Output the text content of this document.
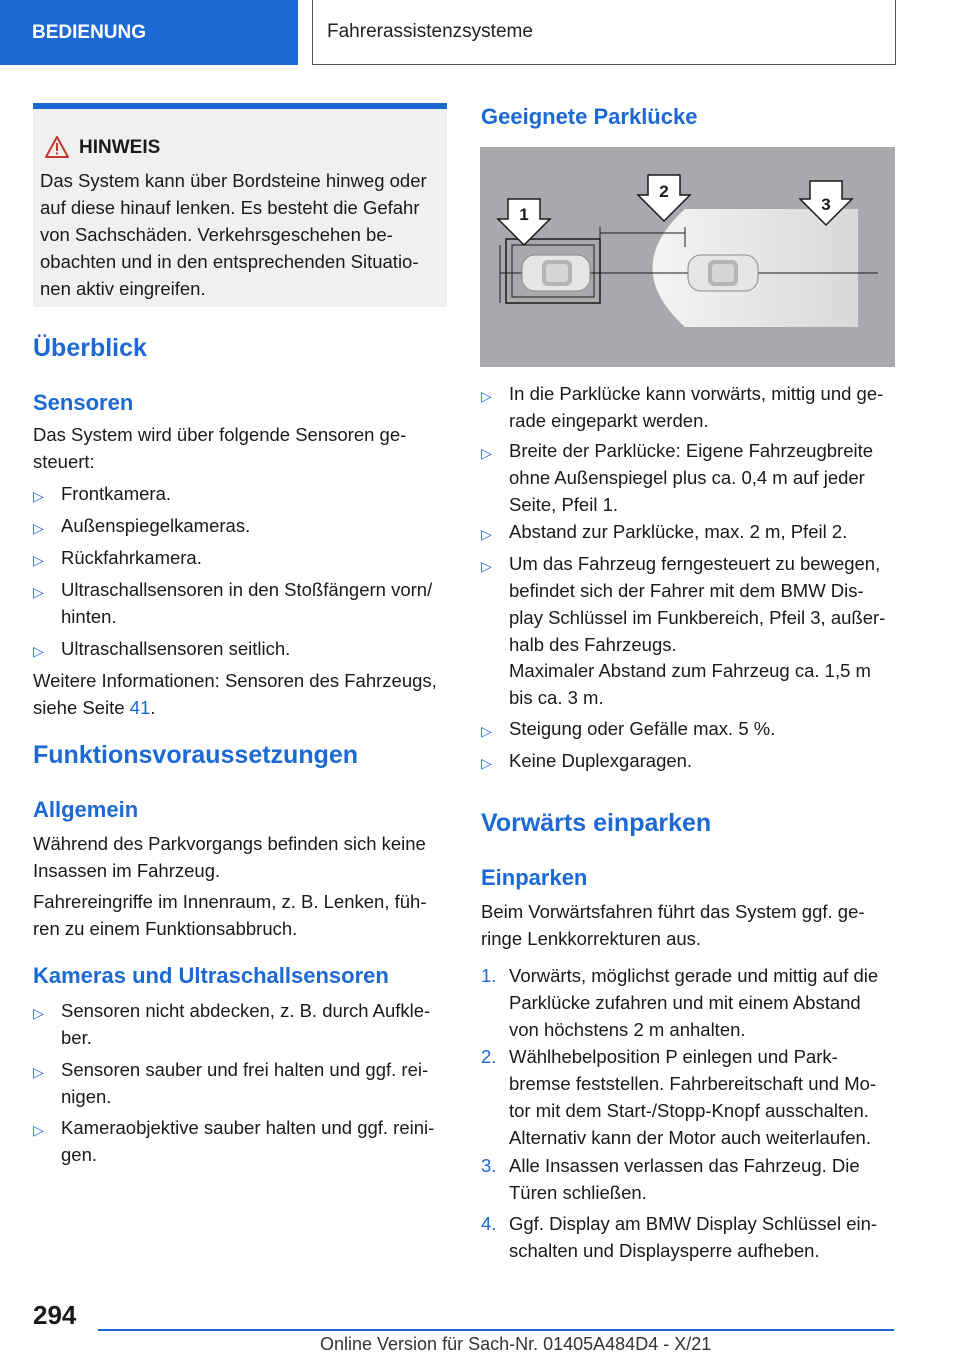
BEDIENUNG	Fahrerassistenzsysteme
HINWEIS
Das System kann über Bordsteine hinweg oder
auf diese hinauf lenken. Es besteht die Gefahr
von Sachschäden. Verkehrsgeschehen be-
obachten und in den entsprechenden Situatio-
nen aktiv eingreifen.
Überblick
Sensoren
Das System wird über folgende Sensoren ge-
steuert:
▷ Frontkamera.
▷ Außenspiegelkameras.
▷ Rückfahrkamera.
▷ Ultraschallsensoren in den Stoßfängern vorn/
hinten.
▷ Ultraschallsensoren seitlich.
Weitere Informationen: Sensoren des Fahrzeugs,
siehe Seite 41.
Funktionsvoraussetzungen
Allgemein
Während des Parkvorgangs befinden sich keine
Insassen im Fahrzeug.
Fahrereingriffe im Innenraum, z. B. Lenken, füh-
ren zu einem Funktionsabbruch.
Kameras und Ultraschallsensoren
▷ Sensoren nicht abdecken, z. B. durch Aufkle-
ber.
▷ Sensoren sauber und frei halten und ggf. rei-
nigen.
▷ Kameraobjektive sauber halten und ggf. reini-
gen.
Geeignete Parklücke
1
2
3
▷ In die Parklücke kann vorwärts, mittig und ge-
rade eingeparkt werden.
▷ Breite der Parklücke: Eigene Fahrzeugbreite
ohne Außenspiegel plus ca. 0,4 m auf jeder
Seite, Pfeil 1.
▷ Abstand zur Parklücke, max. 2 m, Pfeil 2.
▷ Um das Fahrzeug ferngesteuert zu bewegen,
befindet sich der Fahrer mit dem BMW Dis-
play Schlüssel im Funkbereich, Pfeil 3, außer-
halb des Fahrzeugs.
Maximaler Abstand zum Fahrzeug ca. 1,5 m
bis ca. 3 m.
▷ Steigung oder Gefälle max. 5 %.
▷ Keine Duplexgaragen.
Vorwärts einparken
Einparken
Beim Vorwärtsfahren führt das System ggf. ge-
ringe Lenkkorrekturen aus.
1. Vorwärts, möglichst gerade und mittig auf die
Parklücke zufahren und mit einem Abstand
von höchstens 2 m anhalten.
2. Wählhebelposition P einlegen und Park-
bremse feststellen. Fahrbereitschaft und Mo-
tor mit dem Start-/Stopp-Knopf ausschalten.
Alternativ kann der Motor auch weiterlaufen.
3. Alle Insassen verlassen das Fahrzeug. Die
Türen schließen.
4. Ggf. Display am BMW Display Schlüssel ein-
schalten und Displaysperre aufheben.
294
Online Version für Sach-Nr. 01405A484D4 - X/21
